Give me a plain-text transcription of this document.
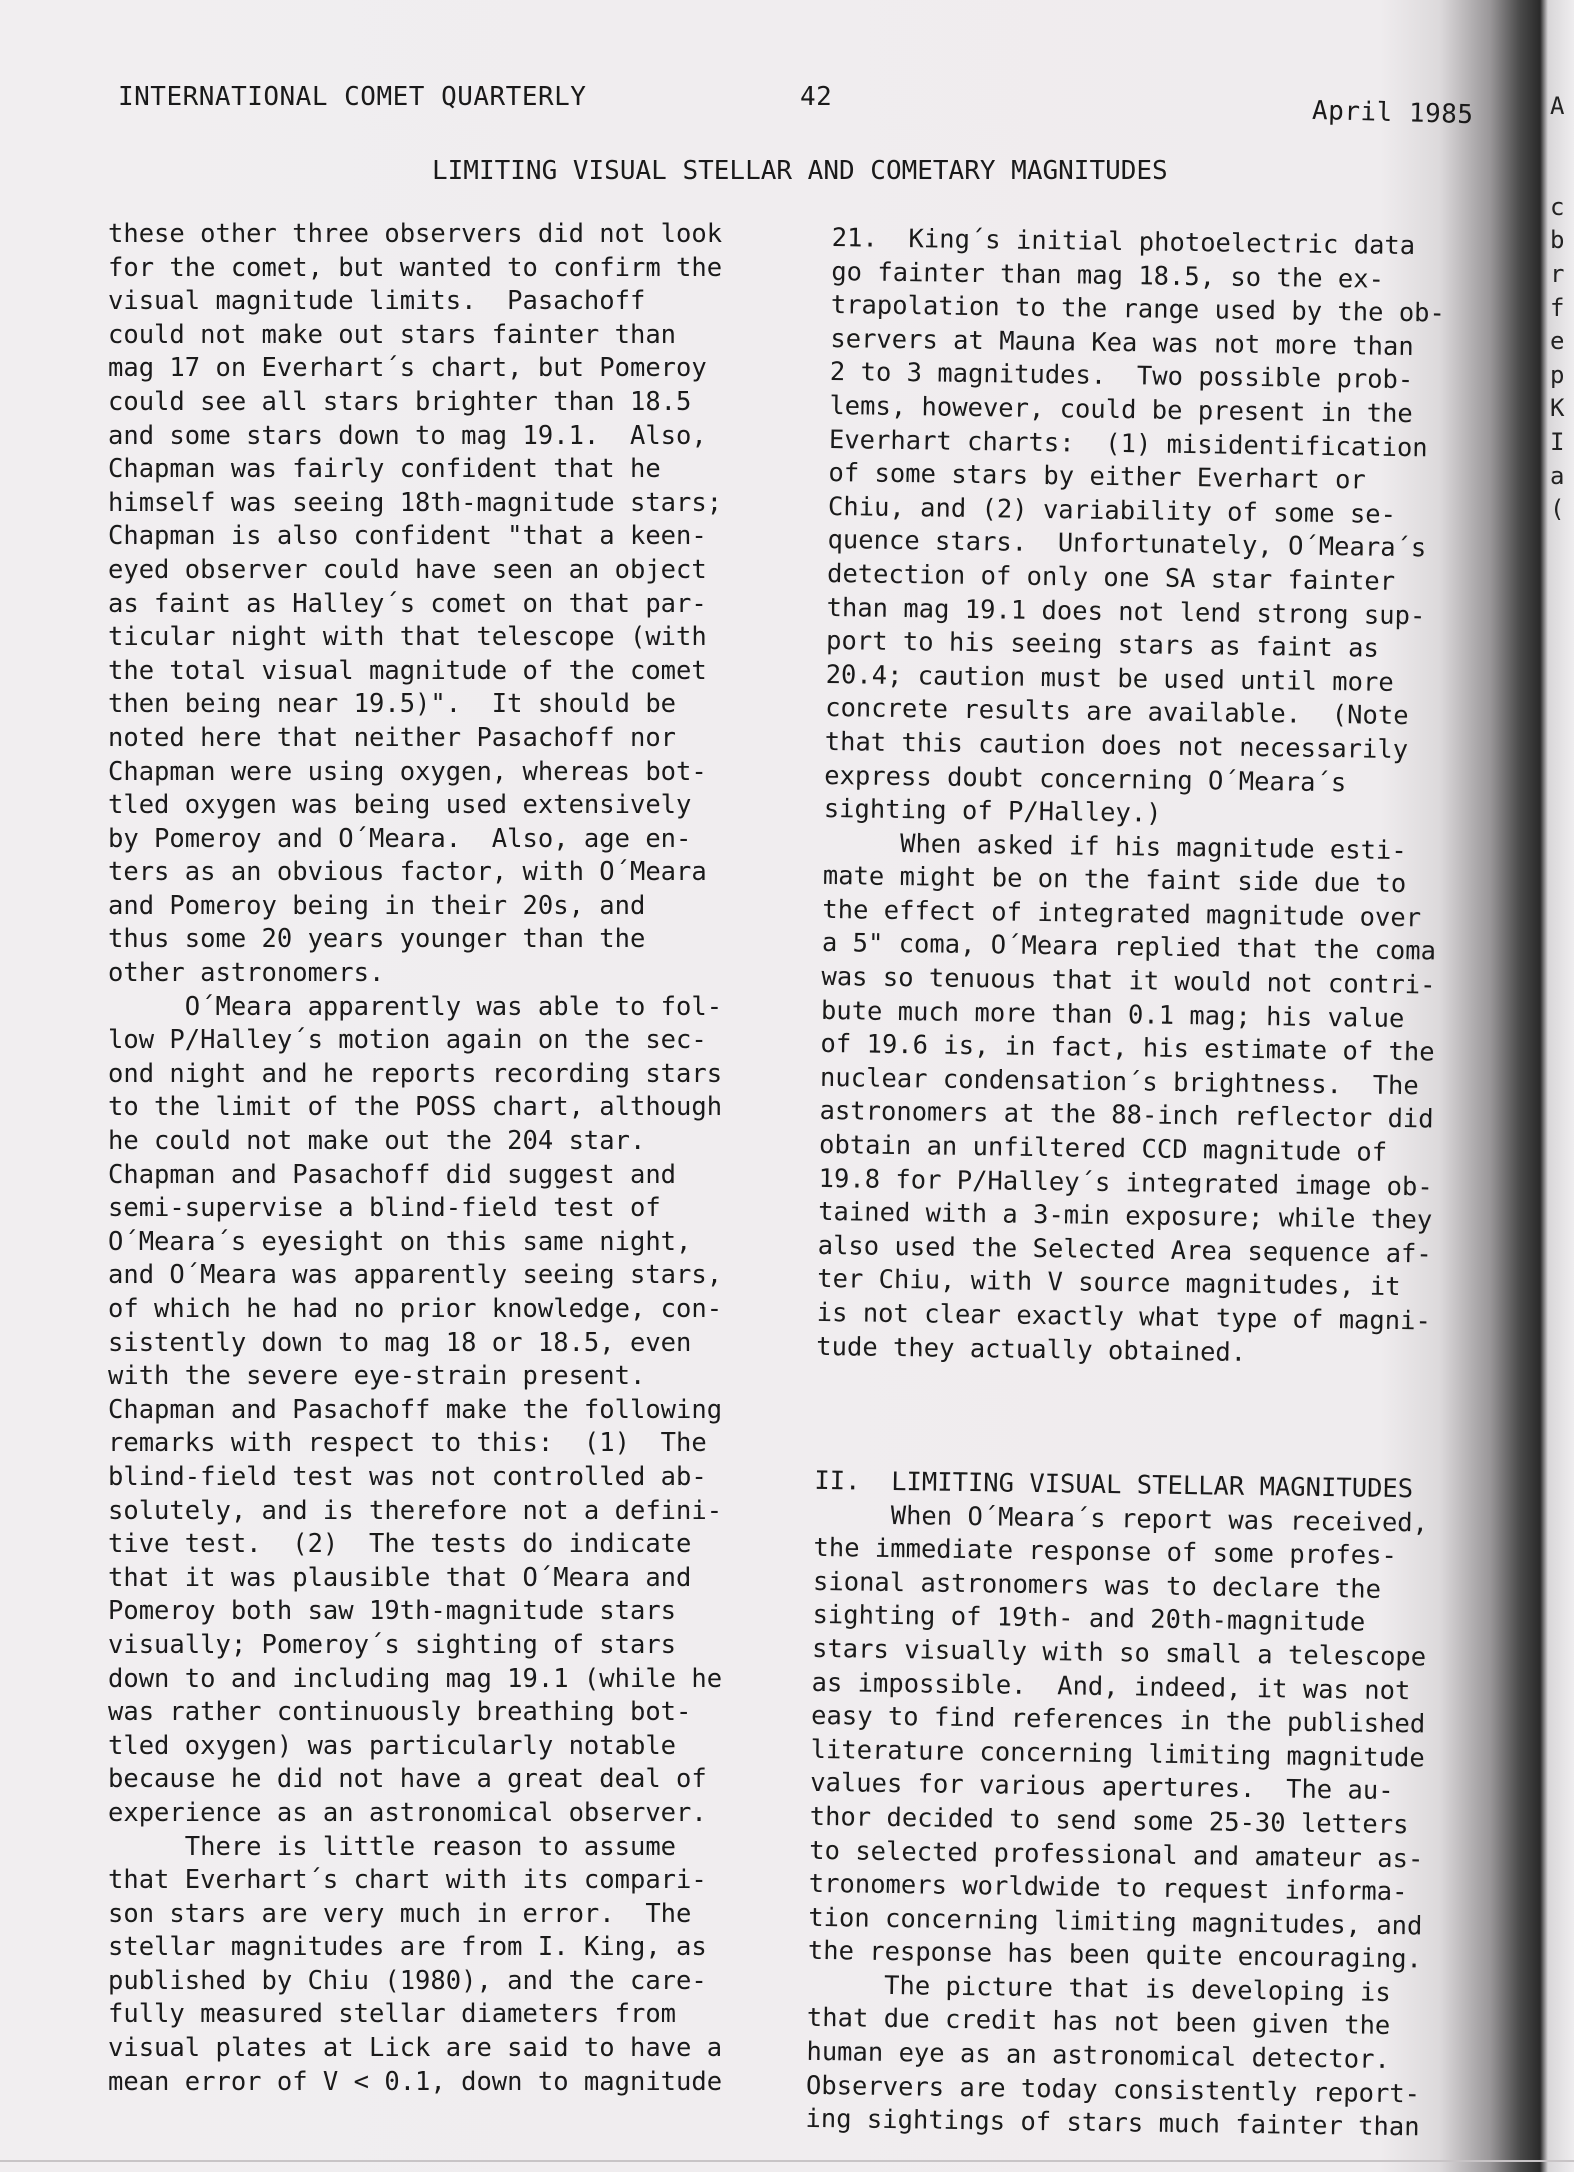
INTERNATIONAL COMET QUARTERLY	42	April 1985
LIMITING VISUAL STELLAR AND COMETARY MAGNITUDES
these other three observers did not look
for the comet, but wanted to confirm the
visual magnitude limits.  Pasachoff
could not make out stars fainter than
mag 17 on Everhart´s chart, but Pomeroy
could see all stars brighter than 18.5
and some stars down to mag 19.1.  Also,
Chapman was fairly confident that he
himself was seeing 18th-magnitude stars;
Chapman is also confident "that a keen-
eyed observer could have seen an object
as faint as Halley´s comet on that par-
ticular night with that telescope (with
the total visual magnitude of the comet
then being near 19.5)".  It should be
noted here that neither Pasachoff nor
Chapman were using oxygen, whereas bot-
tled oxygen was being used extensively
by Pomeroy and O´Meara.  Also, age en-
ters as an obvious factor, with O´Meara
and Pomeroy being in their 20s, and
thus some 20 years younger than the
other astronomers.
O´Meara apparently was able to fol-
low P/Halley´s motion again on the sec-
ond night and he reports recording stars
to the limit of the POSS chart, although
he could not make out the 204 star.
Chapman and Pasachoff did suggest and
semi-supervise a blind-field test of
O´Meara´s eyesight on this same night,
and O´Meara was apparently seeing stars,
of which he had no prior knowledge, con-
sistently down to mag 18 or 18.5, even
with the severe eye-strain present.
Chapman and Pasachoff make the following
remarks with respect to this:  (1)  The
blind-field test was not controlled ab-
solutely, and is therefore not a defini-
tive test.  (2)  The tests do indicate
that it was plausible that O´Meara and
Pomeroy both saw 19th-magnitude stars
visually; Pomeroy´s sighting of stars
down to and including mag 19.1 (while he
was rather continuously breathing bot-
tled oxygen) was particularly notable
because he did not have a great deal of
experience as an astronomical observer.
There is little reason to assume
that Everhart´s chart with its compari-
son stars are very much in error.  The
stellar magnitudes are from I. King, as
published by Chiu (1980), and the care-
fully measured stellar diameters from
visual plates at Lick are said to have a
mean error of V < 0.1, down to magnitude
21.  King´s initial photoelectric data
go fainter than mag 18.5, so the ex-
trapolation to the range used by the ob-
servers at Mauna Kea was not more than
2 to 3 magnitudes.  Two possible prob-
lems, however, could be present in the
Everhart charts:  (1) misidentification
of some stars by either Everhart or
Chiu, and (2) variability of some se-
quence stars.  Unfortunately, O´Meara´s
detection of only one SA star fainter
than mag 19.1 does not lend strong sup-
port to his seeing stars as faint as
20.4; caution must be used until more
concrete results are available.  (Note
that this caution does not necessarily
express doubt concerning O´Meara´s
sighting of P/Halley.)
When asked if his magnitude esti-
mate might be on the faint side due to
the effect of integrated magnitude over
a 5" coma, O´Meara replied that the coma
was so tenuous that it would not contri-
bute much more than 0.1 mag; his value
of 19.6 is, in fact, his estimate of the
nuclear condensation´s brightness.  The
astronomers at the 88-inch reflector did
obtain an unfiltered CCD magnitude of
19.8 for P/Halley´s integrated image ob-
tained with a 3-min exposure; while they
also used the Selected Area sequence af-
ter Chiu, with V source magnitudes, it
is not clear exactly what type of magni-
tude they actually obtained.
II.  LIMITING VISUAL STELLAR MAGNITUDES
When O´Meara´s report was received,
the immediate response of some profes-
sional astronomers was to declare the
sighting of 19th- and 20th-magnitude
stars visually with so small a telescope
as impossible.  And, indeed, it was not
easy to find references in the published
literature concerning limiting magnitude
values for various apertures.  The au-
thor decided to send some 25-30 letters
to selected professional and amateur as-
tronomers worldwide to request informa-
tion concerning limiting magnitudes, and
the response has been quite encouraging.
The picture that is developing is
that due credit has not been given the
human eye as an astronomical detector.
Observers are today consistently report-
ing sightings of stars much fainter than
A
c
b
r
f
e
p
K
I
a
(
